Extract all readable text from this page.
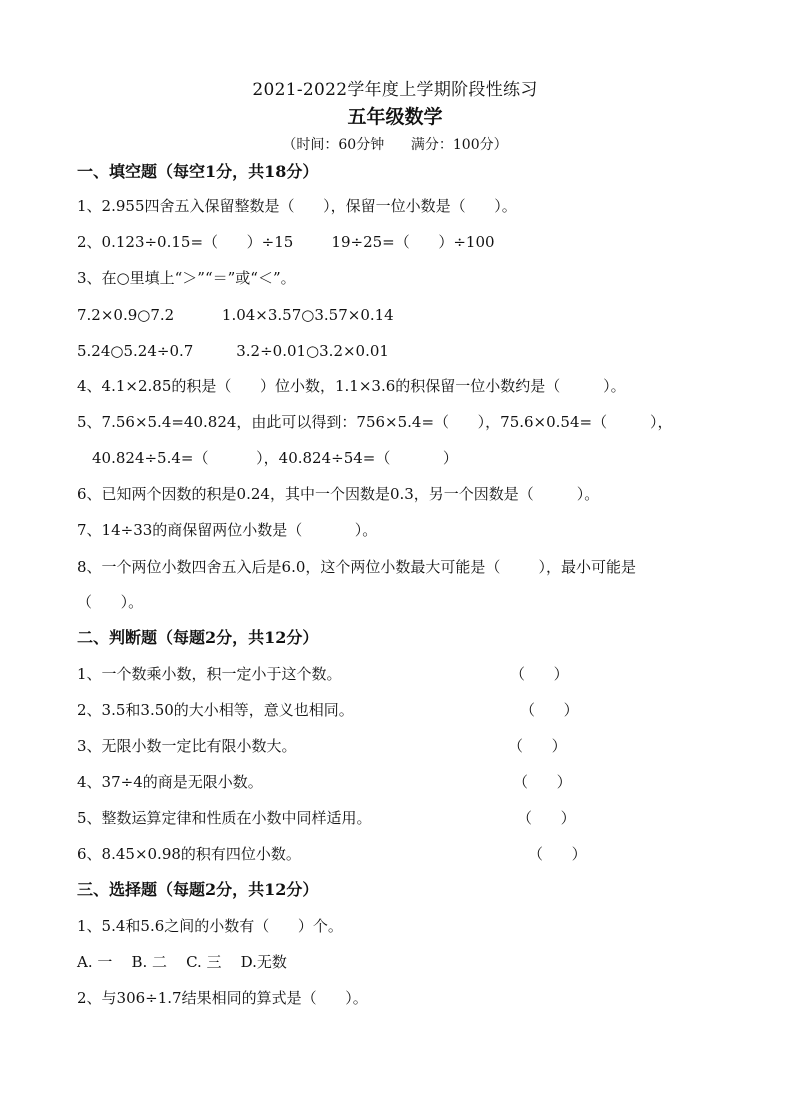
2021-2022学年度上学期阶段性练习
五年级数学
（时间：60分钟      满分：100分）
一、填空题（每空1分，共18分）
1、2.955四舍五入保留整数是（      ），保留一位小数是（      ）。
2、0.123÷0.15=（      ）÷15        19÷25=（      ）÷100
3、在○里填上“＞”“＝”或“＜”。
7.2×0.9○7.2          1.04×3.57○3.57×0.14
5.24○5.24÷0.7         3.2÷0.01○3.2×0.01
4、4.1×2.85的积是（      ）位小数，1.1×3.6的积保留一位小数约是（         ）。
5、7.56×5.4=40.824，由此可以得到：756×5.4=（      ），75.6×0.54=（         ），
40.824÷5.4=（          ），40.824÷54=（           ）
6、已知两个因数的积是0.24，其中一个因数是0.3，另一个因数是（         ）。
7、14÷33的商保留两位小数是（           ）。
8、一个两位小数四舍五入后是6.0，这个两位小数最大可能是（        ），最小可能是
（      ）。
二、判断题（每题2分，共12分）
1、一个数乘小数，积一定小于这个数。	（      ）
2、3.5和3.50的大小相等，意义也相同。	（      ）
3、无限小数一定比有限小数大。	（      ）
4、37÷4的商是无限小数。	（      ）
5、整数运算定律和性质在小数中同样适用。	（      ）
6、8.45×0.98的积有四位小数。	（      ）
三、选择题（每题2分，共12分）
1、5.4和5.6之间的小数有（      ）个。
A. 一    B. 二    C. 三    D.无数
2、与306÷1.7结果相同的算式是（      ）。
